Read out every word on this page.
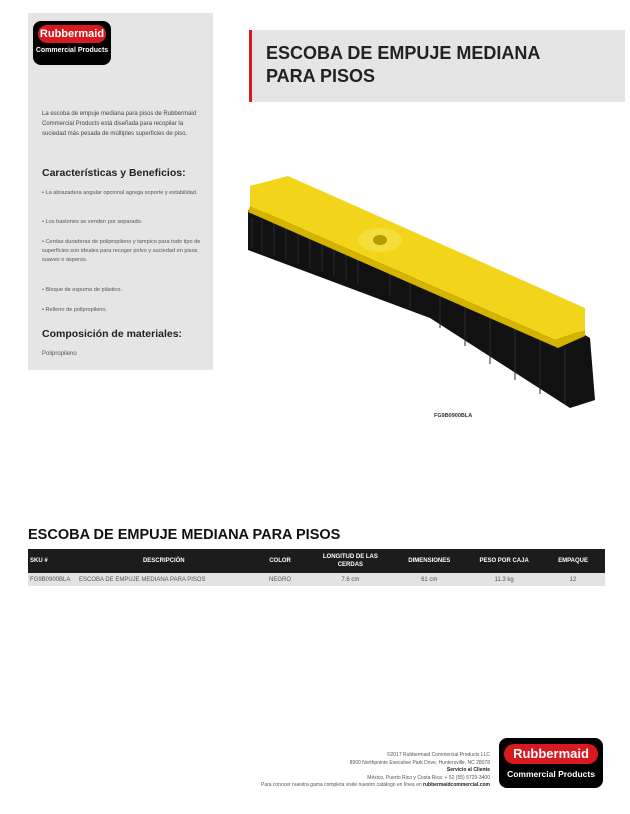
Rubbermaid
Commercial Products
La escoba de empuje mediana para pisos de Rubbermaid Commercial Products está diseñada para recopilar la suciedad más pesada de múltiples superficies de piso.
Características y Beneficios:
• La abrazadera angular opcional agrega soporte y estabilidad.
• Los bastones se venden por separado.
• Cerdas duraderas de polipropileno y tampico para todo tipo de superficies son ideales para recoger polvo y suciedad en pisos suaves o ásperos.
• Bloque de espuma de plástico.
• Relleno de polipropileno.
Composición de materiales:
Polipropileno
ESCOBA DE EMPUJE MEDIANA
PARA PISOS
FG9B0900BLA
ESCOBA DE EMPUJE MEDIANA PARA PISOS
SKU #	DESCRIPCIÓN	COLOR	LONGITUD DE LAS CERDAS	DIMENSIONES	PESO POR CAJA	EMPAQUE
FG9B0900BLA	ESCOBA DE EMPUJE MEDIANA PARA PISOS	NEGRO	7.6 cm	61 cm	11.3 kg	12
©2017 Rubbermaid Commercial Products LLC
8900 Northpointe Executive Park Drive, Huntersville, NC 28078
Servicio al Cliente
México, Puerto Rico y Costa Rica: + 52 (55) 5729-3400
Para conocer nuestra gama completa visite nuestro catálogo en línea en rubbermaidcommercial.com
Rubbermaid
Commercial Products
